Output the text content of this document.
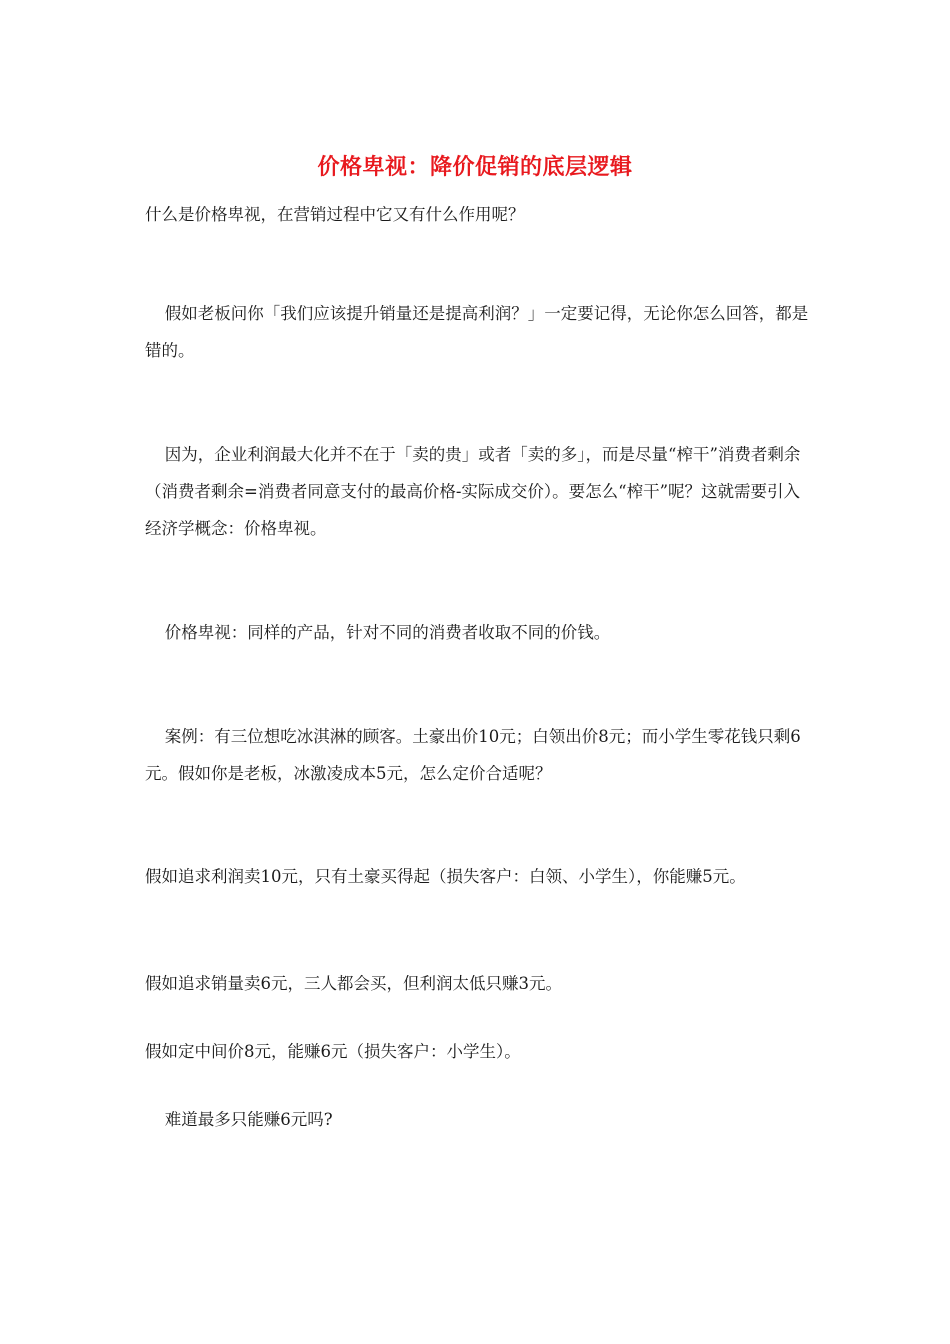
价格卑视：降价促销的底层逻辑

什么是价格卑视，在营销过程中它又有什么作用呢？

假如老板问你「我们应该提升销量还是提高利润？」一定要记得，无论你怎么回答，都是错的。

因为，企业利润最大化并不在于「卖的贵」或者「卖的多」，而是尽量“榨干”消费者剩余（消费者剩余=消费者同意支付的最高价格-实际成交价）。要怎么“榨干”呢？这就需要引入经济学概念：价格卑视。

价格卑视：同样的产品，针对不同的消费者收取不同的价钱。

案例：有三位想吃冰淇淋的顾客。土豪出价10元；白领出价8元；而小学生零花钱只剩6元。假如你是老板，冰激凌成本5元，怎么定价合适呢？

假如追求利润卖10元，只有土豪买得起（损失客户：白领、小学生），你能赚5元。

假如追求销量卖6元，三人都会买，但利润太低只赚3元。

假如定中间价8元，能赚6元（损失客户：小学生）。

难道最多只能赚6元吗?
